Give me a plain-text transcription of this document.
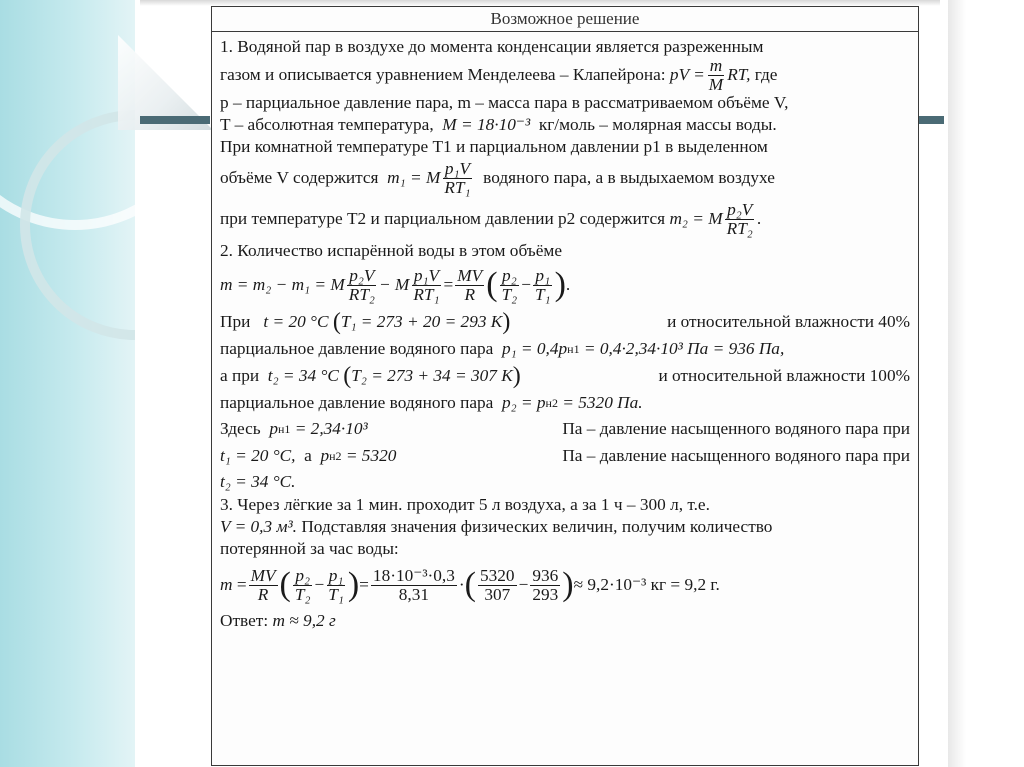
Возможное решение

1. Водяной пар в воздухе до момента конденсации является разреженным

газом и описывается уравнением Менделеева – Клапейрона:
pV = $\frac{m}{M}$ RT,
где

p – парциальное давление пара, m – масса пара в рассматриваемом объёме V,

T – абсолютная температура,
M = 18·10⁻³
кг/моль – молярная массы воды.

При комнатной температуре T1 и парциальном давлении p1 в выделенном

объёме V содержится
m₁ = M $\frac{\text{p₁V}}{\text{RT₁}}$
водяного пара, а в выдыхаемом воздухе
при температуре T2 и парциальном давлении p2 содержится
m₂ = M $\frac{\text{p₂V}}{\text{RT₂}}$ .

2. Количество испарённой воды в этом объёме

m = m₂ − m₁ = M $\frac{\text{p₂V}}{\text{RT₂}} - M \frac{\text{p₁V}}{\text{RT₁}} = \frac{MV}{R}$ ( $\frac{\text{p₂}}{\text{T₂}} - \frac{\text{p₁}}{\text{T₁}}$ ) .
При
t = 20 °C
( T₁ = 273 + 20 = 293 K )	и относительной влажности 40%
парциальное давление водяного пара
p₁ = 0,4p н1
= 0,4·2,34·10³ Па = 936 Па,
а при
t₂ = 34 °C
( T₂ = 273 + 34 = 307 K )	и относительной влажности 100%
парциальное давление водяного пара
p₂ = p н2
= 5320 Па.
Здесь
p н1
= 2,34·10³	Па – давление насыщенного водяного пара при
t₁ = 20 °C,
а
p н2
= 5320	Па – давление насыщенного водяного пара при
t₂ = 34 °C.

3. Через лёгкие за 1 мин. проходит 5 л воздуха, а за 1 ч – 300 л, т.е.

V = 0,3 м³.
Подставляя значения физических величин, получим количество

потерянной за час воды:

m
= $\frac{MV}{R}$ ( $\frac{\text{p₂}}{\text{T₂}} - \frac{\text{p₁}}{\text{T₁}}$ ) = $\frac{\text{18·10⁻³·0,3}}{8,31}$ · ( $\frac{5320}{307} - \frac{936}{293}$ ) ≈ 9,2·10⁻³ кг = 9,2 г.
Ответ:
m ≈ 9,2 г
